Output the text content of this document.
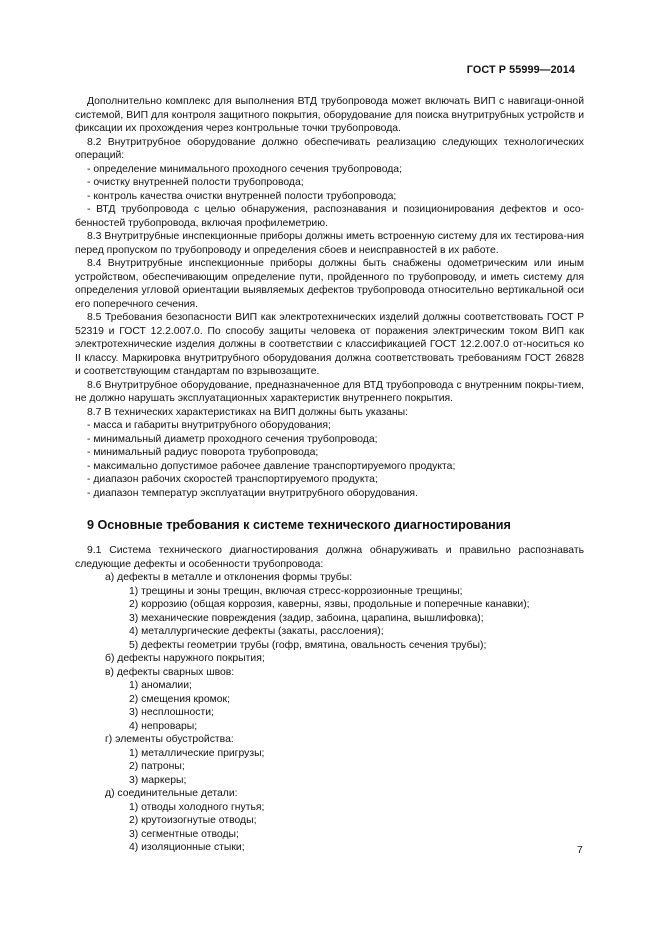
ГОСТ Р 55999—2014

Дополнительно комплекс для выполнения ВТД трубопровода может включать ВИП с навигаци-онной системой, ВИП для контроля защитного покрытия, оборудование для поиска внутритрубных устройств и фиксации их прохождения через контрольные точки трубопровода.

8.2 Внутритрубное оборудование должно обеспечивать реализацию следующих технологических операций:

- определение минимального проходного сечения трубопровода;

- очистку внутренней полости трубопровода;

- контроль качества очистки внутренней полости трубопровода;

- ВТД трубопровода с целью обнаружения, распознавания и позиционирования дефектов и осо-бенностей трубопровода, включая профилеметрию.

8.3 Внутритрубные инспекционные приборы должны иметь встроенную систему для их тестирова-ния перед пропуском по трубопроводу и определения сбоев и неисправностей в их работе.

8.4 Внутритрубные инспекционные приборы должны быть снабжены одометрическим или иным устройством, обеспечивающим определение пути, пройденного по трубопроводу, и иметь систему для определения угловой ориентации выявляемых дефектов трубопровода относительно вертикальной оси его поперечного сечения.

8.5 Требования безопасности ВИП как электротехнических изделий должны соответствовать ГОСТ Р 52319 и ГОСТ 12.2.007.0. По способу защиты человека от поражения электрическим током ВИП как электротехнические изделия должны в соответствии с классификацией ГОСТ 12.2.007.0 от-носиться ко II классу. Маркировка внутритрубного оборудования должна соответствовать требованиям ГОСТ 26828 и соответствующим стандартам по взрывозащите.

8.6 Внутритрубное оборудование, предназначенное для ВТД трубопровода с внутренним покры-тием, не должно нарушать эксплуатационных характеристик внутреннего покрытия.

8.7 В технических характеристиках на ВИП должны быть указаны:

- масса и габариты внутритрубного оборудования;

- минимальный диаметр проходного сечения трубопровода;

- минимальный радиус поворота трубопровода;

- максимально допустимое рабочее давление транспортируемого продукта;

- диапазон рабочих скоростей транспортируемого продукта;

- диапазон температур эксплуатации внутритрубного оборудования.

9 Основные требования к системе технического диагностирования

9.1 Система технического диагностирования должна обнаруживать и правильно распознавать следующие дефекты и особенности трубопровода:

а) дефекты в металле и отклонения формы трубы:

1) трещины и зоны трещин, включая стресс-коррозионные трещины;

2) коррозию (общая коррозия, каверны, язвы, продольные и поперечные канавки);

3) механические повреждения (задир, забоина, царапина, вышлифовка);

4) металлургические дефекты (закаты, расслоения);

5) дефекты геометрии трубы (гофр, вмятина, овальность сечения трубы);

б) дефекты наружного покрытия;

в) дефекты сварных швов:

1) аномалии;

2) смещения кромок;

3) несплошности;

4) непровары;

г) элементы обустройства:

1) металлические пригрузы;

2) патроны;

3) маркеры;

д) соединительные детали:

1) отводы холодного гнутья;

2) крутоизогнутые отводы;

3) сегментные отводы;

4) изоляционные стыки;	7
